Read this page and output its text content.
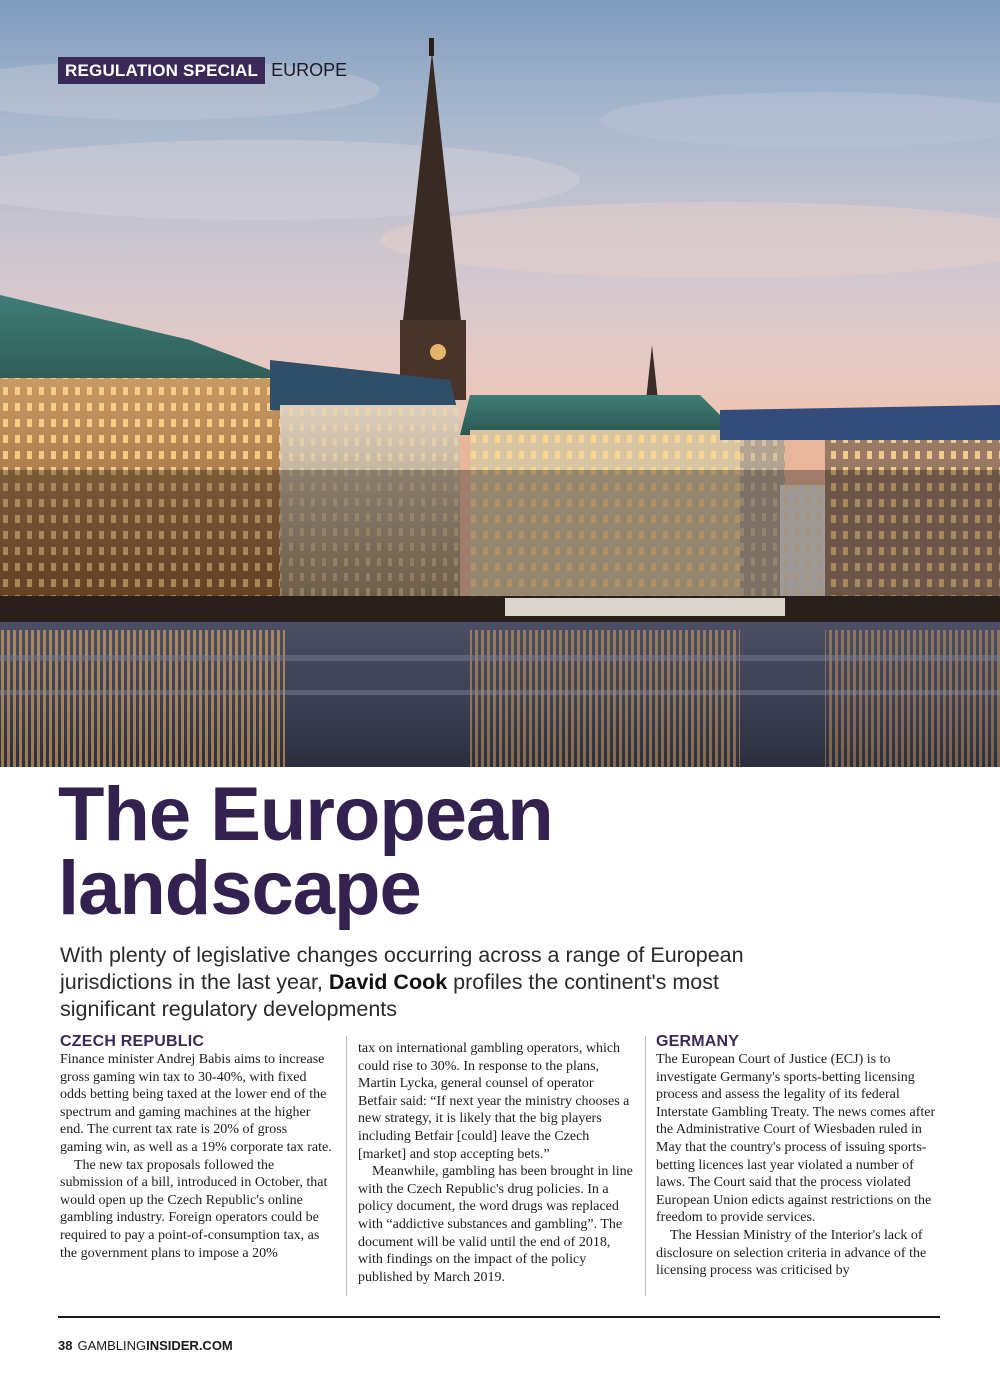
REGULATION SPECIAL EUROPE
The European
landscape
With plenty of legislative changes occurring across a range of European jurisdictions in the last year, David Cook profiles the continent's most significant regulatory developments
CZECH REPUBLIC

Finance minister Andrej Babis aims to increase gross gaming win tax to 30-40%, with fixed odds betting being taxed at the lower end of the spectrum and gaming machines at the higher end. The current tax rate is 20% of gross gaming win, as well as a 19% corporate tax rate.

The new tax proposals followed the submission of a bill, introduced in October, that would open up the Czech Republic's online gambling industry. Foreign operators could be required to pay a point-of-consumption tax, as the government plans to impose a 20%

tax on international gambling operators, which could rise to 30%. In response to the plans, Martin Lycka, general counsel of operator Betfair said: “If next year the ministry chooses a new strategy, it is likely that the big players including Betfair [could] leave the Czech [market] and stop accepting bets.”

Meanwhile, gambling has been brought in line with the Czech Republic's drug policies. In a policy document, the word drugs was replaced with “addictive substances and gambling”. The document will be valid until the end of 2018, with findings on the impact of the policy published by March 2019.

GERMANY

The European Court of Justice (ECJ) is to investigate Germany's sports-betting licensing process and assess the legality of its federal Interstate Gambling Treaty. The news comes after the Administrative Court of Wiesbaden ruled in May that the country's process of issuing sports-betting licences last year violated a number of laws. The Court said that the process violated European Union edicts against restrictions on the freedom to provide services.

The Hessian Ministry of the Interior's lack of disclosure on selection criteria in advance of the licensing process was criticised by

38 GAMBLINGINSIDER.COM
